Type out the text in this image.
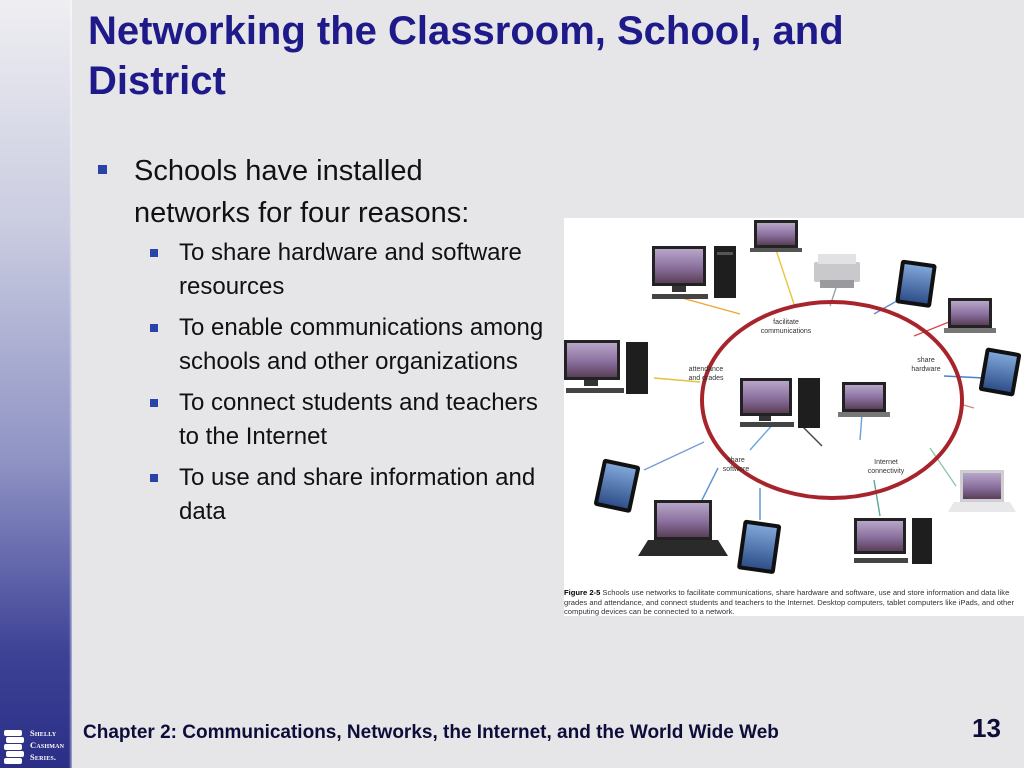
Shelly
Cashman
Series.
Networking the Classroom, School, and District

Schools have installed networks for four reasons:

To share hardware and software resources

To enable communications among schools and other organizations

To connect students and teachers to the Internet

To use and share information and data

facilitate
communications
share
hardware
attendance
and grades
share
software
Internet
connectivity
Figure 2-5 Schools use networks to facilitate communications, share hardware and software, use and store information and data like grades and attendance, and connect students and teachers to the Internet. Desktop computers, tablet computers like iPads, and other computing devices can be connected to a network.
Chapter 2: Communications, Networks, the Internet, and the World Wide Web	13
